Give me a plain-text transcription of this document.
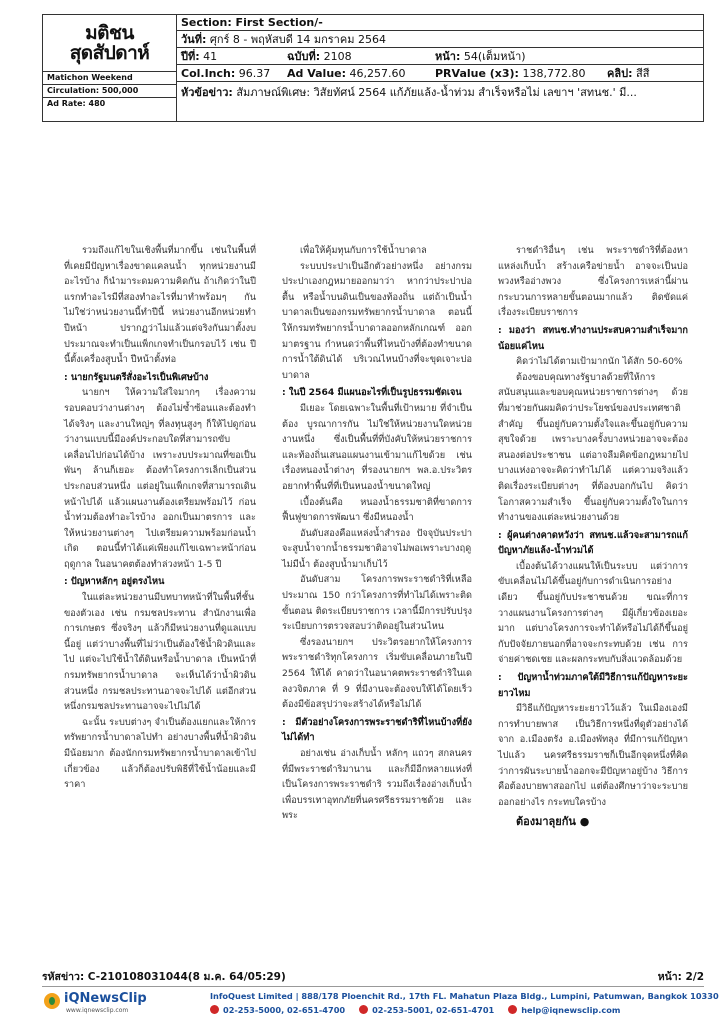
มติชน
สุดสัปดาห์
Matichon Weekend
Circulation: 500,000
Ad Rate: 480
Section: First Section/-
วันที่: ศุกร์ 8 - พฤหัสบดี 14 มกราคม 2564
ปีที่: 41	ฉบับที่: 2108	หน้า: 54(เต็มหน้า)
Col.Inch: 96.37 Ad Value: 46,257.60	PRValue (x3): 138,772.80 คลิป: สีสี
หัวข้อข่าว: สัมภาษณ์พิเศษ: วิสัยทัศน์ 2564 แก้ภัยแล้ง-น้ำท่วม สำเร็จหรือไม่ เลขาฯ 'สทนช.' มี...

รวมถึงแก้ไขในเชิงพื้นที่มากขึ้น เช่นในพื้นที่ที่เคยมีปัญหาเรื่องขาดแคลนน้ำ ทุกหน่วยงานมีอะไรบ้าง ก็นำมาระดมความคิดกัน ถ้าเกิดว่าในปีแรกทำอะไรมีที่สองทำอะไรที่มาทำพร้อมๆ กัน ไม่ใช่ว่าหน่วยงานนี้ทำปีนี้ หน่วยงานอีกหน่วยทำปีหน้า ปรากฏว่าไม่แล้วแต่จริงกันมาตั้งงบประมาณจะทำเป็นแพ็กเกจทำเป็นกรอบไว้ เช่น ปีนี้ตั้งเครื่องสูบน้ำ ปีหน้าตั้งท่อ

: นายกรัฐมนตรีสั่งอะไรเป็นพิเศษบ้าง

นายกฯ ให้ความใส่ใจมากๆ เรื่องความรอบคอบว่างานต่างๆ ต้องไม่ซ้ำซ้อนและต้องทำได้จริงๆ และงานใหญ่ๆ ที่ลงทุนสูงๆ ก็ให้ไปดูก่อนว่างานแบบนี้มีองค์ประกอบใดที่สามารถขับเคลื่อนไปก่อนได้บ้าง เพราะงบประมาณที่ขอเป็นพันๆ ล้านก็เยอะ ต้องทำโครงการเล็กเป็นส่วนประกอบส่วนหนึ่ง แต่อยู่ในแพ็กเกจที่สามารถเดินหน้าไปได้ แล้วแผนงานต้องเตรียมพร้อมไว้ ก่อนน้ำท่วมต้องทำอะไรบ้าง ออกเป็นมาตรการ และให้หน่วยงานต่างๆ ไปเตรียมความพร้อมก่อนน้ำเกิด ตอนนี้ทำได้แค่เพียงแก้ไขเฉพาะหน้าก่อนฤดูกาล ในอนาคตต้องทำล่วงหน้า 1-5 ปี

: ปัญหาหลักๆ อยู่ตรงไหน

ในแต่ละหน่วยงานมีบทบาทหน้าที่ในพื้นที่ชั้นของตัวเอง เช่น กรมชลประทาน สำนักงานเพื่อการเกษตร ซึ่งจริงๆ แล้วก็มีหน่วยงานที่ดูแลแบบนี้อยู่ แต่ว่าบางพื้นที่ไม่ว่าเป็นต้องใช้น้ำผิวดินและไป แต่จะไปใช้น้ำใต้ดินหรือน้ำบาดาล เป็นหน้าที่กรมทรัพยากรน้ำบาดาล จะเห็นได้ว่าน้ำผิวดินส่วนหนึ่ง กรมชลประทานอาจจะไปได้ แต่อีกส่วนหนึ่งกรมชลประทานอาจจะไปไม่ได้

ฉะนั้น ระบบต่างๆ จำเป็นต้องแยกและให้การทรัพยากรน้ำบาดาลไปทำ อย่างบางพื้นที่น้ำผิวดินมีน้อยมาก ต้องนักกรมทรัพยากรน้ำบาดาลเข้าไปเกี่ยวข้อง แล้วก็ต้องปรับพิธีที่ใช้น้ำน้อยและมีราคา

เพื่อให้คุ้มทุนกับการใช้น้ำบาดาล

ระบบประปาเป็นอีกตัวอย่างหนึ่ง อย่างกรมประปาเองกฎหมายออกมาว่า หากว่าประปาบ่อตื้น หรือน้ำบนดินเป็นของท้องถิ่น แต่ถ้าเป็นน้ำบาดาลเป็นของกรมทรัพยากรน้ำบาดาล ตอนนี้ให้กรมทรัพยากรน้ำบาดาลออกหลักเกณฑ์ ออกมาตรฐาน กำหนดว่าพื้นที่ไหนบ้างที่ต้องทำขนาดการน้ำใต้ดินได้ บริเวณไหนบ้างที่จะขุดเจาะบ่อบาดาล

: ในปี 2564 มีแผนอะไรที่เป็นรูปธรรมชัดเจน

มีเยอะ โดยเฉพาะในพื้นที่เป้าหมาย ที่จำเป็นต้อง บูรณาการกัน ไม่ใช่ให้หน่วยงานใดหน่วยงานหนึ่ง ซึ่งเป็นพื้นที่ที่บังคับให้หน่วยราชการและท้องถิ่นเสนอแผนงานเข้ามาแก้ไขด้วย เช่น เรื่องหนองน้ำต่างๆ ที่รองนายกฯ พล.อ.ประวิตรอยากทำพื้นที่ที่เป็นหนองน้ำขนาดใหญ่

เบื้องต้นคือ หนองน้ำธรรมชาติที่ขาดการฟื้นฟูขาดการพัฒนา ซึ่งมีหนองน้ำ

อันดับสองคือแหล่งน้ำสำรอง ปัจจุบันประปาจะสูบน้ำจากน้ำธรรมชาติอาจไม่พอเพราะบางฤดูไม่มีน้ำ ต้องสูบน้ำมาเก็บไว้

อันดับสาม โครงการพระราชดำริที่เหลือประมาณ 150 กว่าโครงการที่ทำไม่ได้เพราะติดขั้นตอน ติดระเบียบราชการ เวลานี้มีการปรับปรุงระเบียบการตรวจสอบว่าติดอยู่ในส่วนไหน

ซึ่งรองนายกฯ ประวิตรอยากให้โครงการพระราชดำริทุกโครงการ เริ่มขับเคลื่อนภายในปี 2564 ให้ได้ คาดว่าในอนาคตพระราชดำริในเดลงวจิตภาค ที่ 9 ที่มีงานจะต้องจบให้ได้โดยเร็ว ต้องมีข้อสรุปว่าจะสร้างได้หรือไม่ได้

: มีตัวอย่างโครงการพระราชดำริที่ไหนบ้างที่ยังไม่ได้ทำ

อย่างเช่น อ่างเก็บน้ำ หลักๆ แถวๆ สกลนคร ที่มีพระราชดำริมานาน และก็มีอีกหลายแห่งที่เป็นโครงการพระราชดำริ รวมถึงเรื่องอ่างเก็บน้ำเพื่อบรรเทาอุทกภัยที่นครศรีธรรมราชด้วย และพระ

ราชดำริอื่นๆ เช่น พระราชดำริที่ต้องหาแหล่งเก็บน้ำ สร้างเครือข่ายน้ำ อาจจะเป็นบ่อพวงหรืออ่างพวง ซึ่งโครงการเหล่านี้ผ่านกระบวนการหลายขั้นตอนมากแล้ว ติดขัดแค่เรื่องระเบียบราชการ

: มองว่า สทนช.ทำงานประสบความสำเร็จมากน้อยแค่ไหน

คิดว่าไม่ได้ตามเป้ามากนัก ได้สัก 50-60%

ต้องขอบคุณทางรัฐบาลด้วยที่ให้การสนับสนุนและขอบคุณหน่วยราชการต่างๆ ด้วยที่มาช่วยกันผมคิดว่าประโยชน์ของประเทศชาติสำคัญ ขึ้นอยู่กับความตั้งใจและขึ้นอยู่กับความสุขใจด้วย เพราะบางครั้งบางหน่วยอาจจะต้องสนองต่อประชาชน แต่อาจลืมคิดข้อกฎหมายไป บางแห่งอาจจะคิดว่าทำไม่ได้ แต่ความจริงแล้วติดเรื่องระเบียบต่างๆ ที่ต้องบอกกันไป คิดว่าโอกาสความสำเร็จ ขึ้นอยู่กับความตั้งใจในการทำงานของแต่ละหน่วยงานด้วย

: ผู้คนต่างคาดหวังว่า สทนช.แล้วจะสามารถแก้ปัญหาภัยแล้ง-น้ำท่วมได้

เบื้องต้นได้วางแผนให้เป็นระบบ แต่ว่าการขับเคลื่อนไม่ได้ขึ้นอยู่กับการดำเนินการอย่างเดียว ขึ้นอยู่กับประชาชนด้วย ขณะที่การวางแผนงานโครงการต่างๆ มีผู้เกี่ยวข้องเยอะมาก แต่บางโครงการจะทำได้หรือไม่ได้ก็ขึ้นอยู่กับปัจจัยภายนอกที่อาจจะกระทบด้วย เช่น การจ่ายค่าชดเชย และผลกระทบกับสิ่งแวดล้อมด้วย

: ปัญหาน้ำท่วมภาคใต้มีวิธีการแก้ปัญหาระยะยาวไหม

มีวิธีแก้ปัญหาระยะยาวไว้แล้ว ในเมืองเองมีการทำบายพาส เป็นวิธีการหนึ่งที่ดูตัวอย่างได้จาก อ.เมืองตรัง อ.เมืองพัทลุง ที่มีการแก้ปัญหาไปแล้ว นครศรีธรรมราชก็เป็นอีกจุดหนึ่งที่คิดว่าการผันระบายน้ำออกจะมีปัญหาอยู่บ้าง วิธีการคือต้องบายพาสออกไป แต่ต้องศึกษาว่าจะระบายออกอย่างไร กระทบใครบ้าง

ต้องมาลุยกัน ●

รหัสข่าว: C-210108031044(8 ม.ค. 64/05:29)	หน้า: 2/2
iQNewsClip
www.iqnewsclip.com
InfoQuest Limited | 888/178 Ploenchit Rd., 17th FL. Mahatun Plaza Bldg., Lumpini, Patumwan, Bangkok 10330
02-253-5000, 02-651-4700	02-253-5001, 02-651-4701	help@iqnewsclip.com
